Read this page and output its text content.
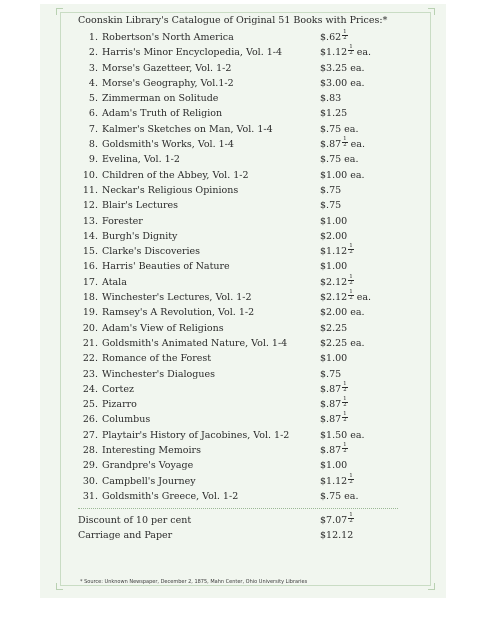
Coonskin Library's Catalogue of Original 51 Books with Prices:*
1. Robertson's North America	$.62 $\frac{1}{2}$
2. Harris's Minor Encyclopedia, Vol. 1-4	$1.12 $\frac{1}{2}$ ea.
3. Morse's Gazetteer, Vol. 1-2	$3.25 ea.
4. Morse's Geography, Vol.1-2	$3.00 ea.
5. Zimmerman on Solitude	$.83
6. Adam's Truth of Religion	$1.25
7. Kalmer's Sketches on Man, Vol. 1-4	$.75 ea.
8. Goldsmith's Works, Vol. 1-4	$.87 $\frac{1}{2}$ ea.
9. Evelina, Vol. 1-2	$.75 ea.
10. Children of the Abbey, Vol. 1-2	$1.00 ea.
11. Neckar's Religious Opinions	$.75
12. Blair's Lectures	$.75
13. Forester	$1.00
14. Burgh's Dignity	$2.00
15. Clarke's Discoveries	$1.12 $\frac{1}{2}$
16. Harris' Beauties of Nature	$1.00
17. Atala	$2.12 $\frac{1}{2}$
18. Winchester's Lectures, Vol. 1-2	$2.12 $\frac{1}{2}$ ea.
19. Ramsey's A Revolution, Vol. 1-2	$2.00 ea.
20. Adam's View of Religions	$2.25
21. Goldsmith's Animated Nature, Vol. 1-4	$2.25 ea.
22. Romance of the Forest	$1.00
23. Winchester's Dialogues	$.75
24. Cortez	$.87 $\frac{1}{2}$
25. Pizarro	$.87 $\frac{1}{2}$
26. Columbus	$.87 $\frac{1}{2}$
27. Playtair's History of Jacobines, Vol. 1-2	$1.50 ea.
28. Interesting Memoirs	$.87 $\frac{1}{2}$
29. Grandpre's Voyage	$1.00
30. Campbell's Journey	$1.12 $\frac{1}{2}$
31. Goldsmith's Greece, Vol. 1-2	$.75 ea.
Discount of 10 per cent	$7.07 $\frac{1}{2}$
Carriage and Paper	$12.12
* Source: Unknown Newspaper, December 2, 1875, Mahn Center, Ohio University Libraries
